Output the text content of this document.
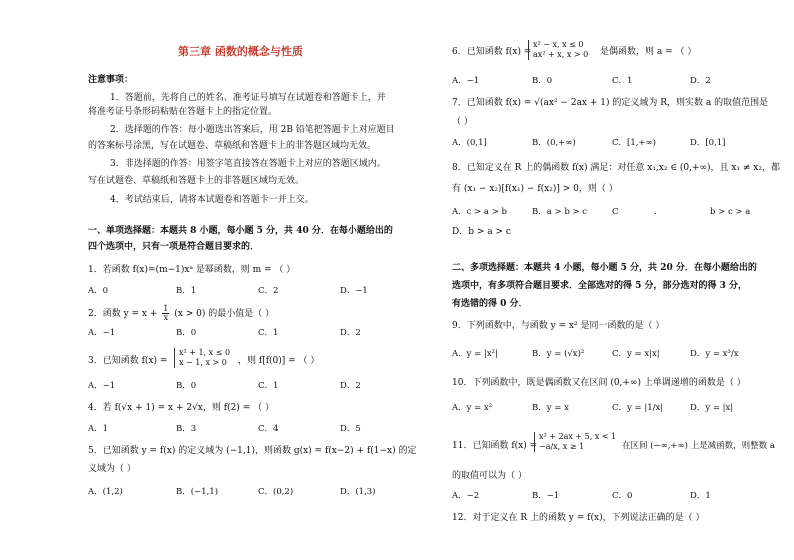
第三章 函数的概念与性质
注意事项：
1．答题前，先将自己的姓名、准考证号填写在试题卷和答题卡上，并
将准考证号条形码粘贴在答题卡上的指定位置。
2．选择题的作答：每小题选出答案后，用 2B 铅笔把答题卡上对应题目
的答案标号涂黑，写在试题卷、草稿纸和答题卡上的非答题区域均无效。
3．非选择题的作答：用签字笔直接答在答题卡上对应的答题区域内。
写在试题卷、草稿纸和答题卡上的非答题区域均无效。
4．考试结束后，请将本试题卷和答题卡一并上交。
一、单项选择题：本题共 8 小题，每小题 5 分，共 40 分．在每小题给出的
四个选项中，只有一项是符合题目要求的．
1．若函数 f(x)=(m−1)xᵃ 是幂函数，则 m = （ ）
A．0	B．1	C．2	D．−1
2．函数 $y = x + \frac{1}{x} (x > 0)$ 的最小值是（ ）
A．−1	B．0	C．1	D．2
3．已知函数 f(x) =
x² + 1, x ≤ 0
x − 1, x > 0	，则 f[f(0)] = （ ）
A．−1	B．0	C．1	D．2
4．若 f(√x + 1) = x + 2√x，则 f(2) = （ ）
A．1	B．3	C．4	D．5
5．已知函数 y = f(x) 的定义域为 (−1,1)，则函数 g(x) = f(x−2) + f(1−x) 的定
义域为（ ）
A．(1,2)	B．(−1,1)	C．(0,2)	D．(1,3)
6．已知函数 f(x) =
x² − x, x ≤ 0
ax² + x, x > 0 是偶函数，则 a = （ ）
A．−1	B．0	C．1	D．2
7．已知函数 f(x) = √(ax² − 2ax + 1) 的定义域为 R，则实数 a 的取值范围是
（ ）
A．(0,1]	B．(0,+∞)	C．[1,+∞)	D．[0,1]
8．已知定义在 R 上的偶函数 f(x) 满足：对任意 x₁,x₂ ∈ (0,+∞)，且 x₁ ≠ x₂，都
有 (x₁ − x₂)[f(x₁) − f(x₂)] > 0，则（ ）
A．c > a > b	B．a > b > c	C	．	b > c > a
D．b > a > c
二、多项选择题：本题共 4 小题，每小题 5 分，共 20 分．在每小题给出的
选项中，有多项符合题目要求．全部选对的得 5 分，部分选对的得 3 分，
有选错的得 0 分．
9．下列函数中，与函数 y = x² 是同一函数的是（ ）
A．y = |x²|	B．y = (√x)²	C．y = x|x|	D．y = x³/x
10．下列函数中，既是偶函数又在区间 (0,+∞) 上单调递增的函数是（ ）
A．y = x²	B．y = x	C．y = |1/x|	D．y = |x|
11．已知函数 f(x) =
x² + 2ax + 5, x < 1
−a/x, x ≥ 1	在区间 (−∞,+∞) 上是减函数，则整数 a
的取值可以为（ ）
A．−2	B．−1	C．0	D．1
12．对于定义在 R 上的函数 y = f(x)，下列说法正确的是（ ）
